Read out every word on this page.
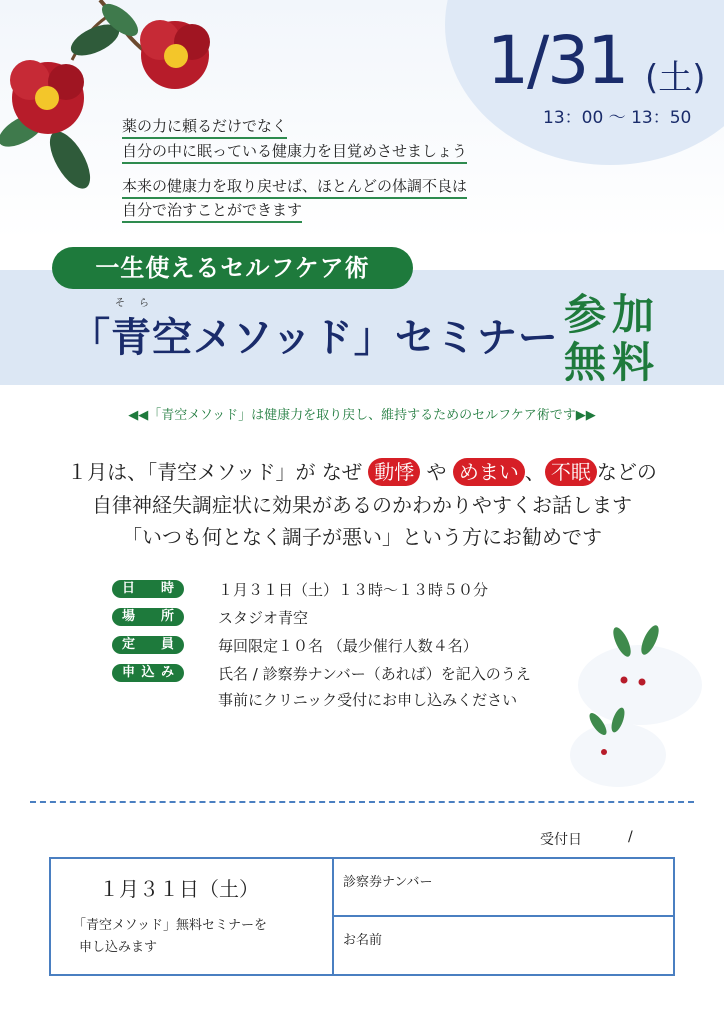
1/31 (土)
13：00 〜 13：50
薬の力に頼るだけでなく
自分の中に眠っている健康力を目覚めさせましょう
本来の健康力を取り戻せば、ほとんどの体調不良は
自分で治すことができます
一生使えるセルフケア術
そら
「青空メソッド」セミナー 参加
無料
◀◀「青空メソッド」は健康力を取り戻し、維持するためのセルフケア術です▶▶
１月は、「青空メソッド」が なぜ 動悸 や めまい 、 不眠 などの
自律神経失調症状に効果があるのかわかりやすくお話します
「いつも何となく調子が悪い」という方にお勧めです
日時	１月３１日（土）１３時〜１３時５０分
場所	スタジオ青空
定員	毎回限定１０名 （最少催行人数４名）
申込み	氏名 / 診察券ナンバー（あれば）を記入のうえ
事前にクリニック受付にお申し込みください
受付日	/
１月３１日（土）
「青空メソッド」無料セミナーを
申し込みます
診察券ナンバー
お名前
